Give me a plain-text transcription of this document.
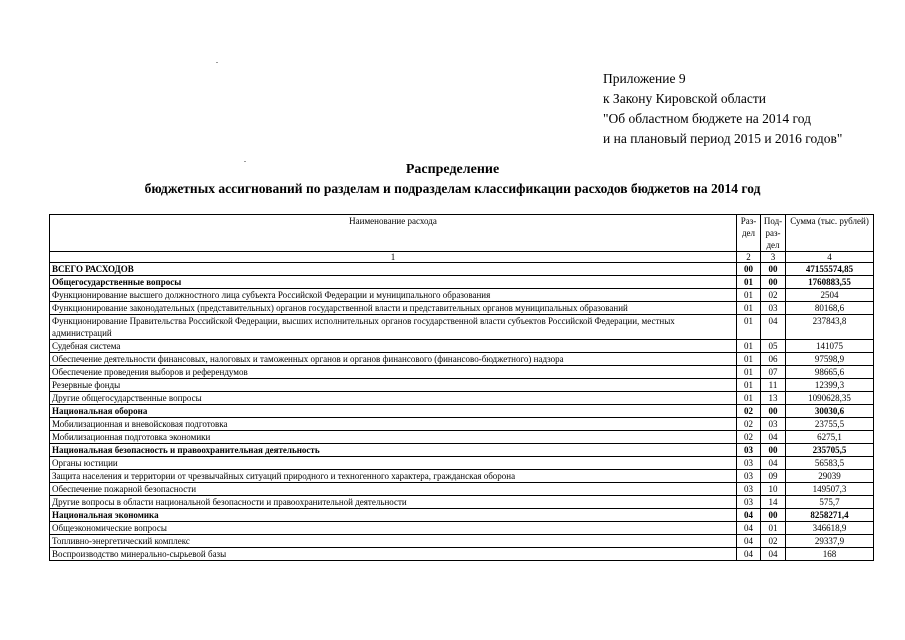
Приложение 9
к Закону Кировской области
"Об областном бюджете на 2014 год
и на плановый период 2015 и 2016 годов"
Распределение
бюджетных ассигнований по разделам и подразделам классификации расходов бюджетов на 2014 год
Наименование расхода	Раз-дел	Под-раз-дел	Сумма (тыс. рублей)
1	2	3	4
ВСЕГО РАСХОДОВ	00	00	47155574,85
Общегосударственные вопросы	01	00	1760883,55
Функционирование высшего должностного лица субъекта Российской Федерации и муниципального образования	01	02	2504
Функционирование законодательных (представительных) органов государственной власти и представительных органов муниципальных образований	01	03	80168,6
Функционирование Правительства Российской Федерации, высших исполнительных органов государственной власти субъектов Российской Федерации, местных администраций	01	04	237843,8
Судебная система	01	05	141075
Обеспечение деятельности финансовых, налоговых и таможенных органов и органов финансового (финансово-бюджетного) надзора	01	06	97598,9
Обеспечение проведения выборов и референдумов	01	07	98665,6
Резервные фонды	01	11	12399,3
Другие общегосударственные вопросы	01	13	1090628,35
Национальная оборона	02	00	30030,6
Мобилизационная и вневойсковая подготовка	02	03	23755,5
Мобилизационная подготовка экономики	02	04	6275,1
Национальная безопасность и правоохранительная деятельность	03	00	235705,5
Органы юстиции	03	04	56583,5
Защита населения и территории от чрезвычайных ситуаций природного и техногенного характера, гражданская оборона	03	09	29039
Обеспечение пожарной безопасности	03	10	149507,3
Другие вопросы в области национальной безопасности и правоохранительной деятельности	03	14	575,7
Национальная экономика	04	00	8258271,4
Общеэкономические вопросы	04	01	346618,9
Топливно-энергетический комплекс	04	02	29337,9
Воспроизводство минерально-сырьевой базы	04	04	168
